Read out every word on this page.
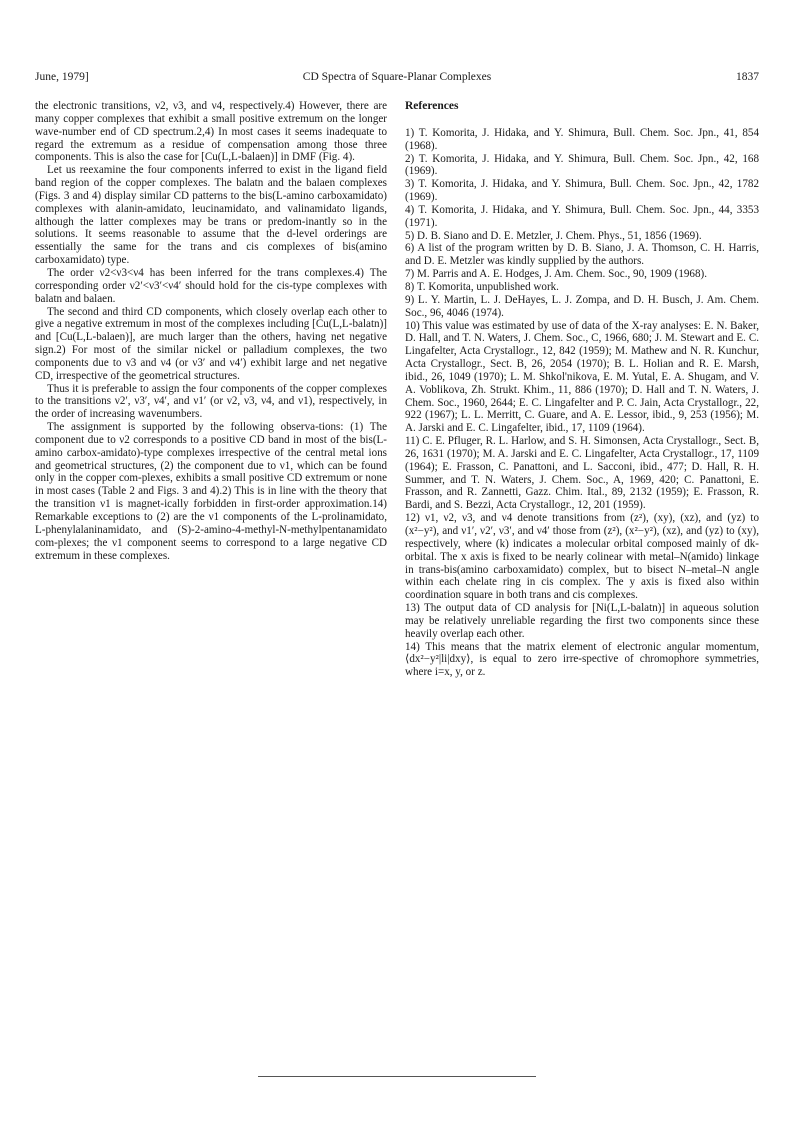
June, 1979]	CD Spectra of Square-Planar Complexes	1837

the electronic transitions, ν2, ν3, and ν4, respectively.4) However, there are many copper complexes that exhibit a small positive extremum on the longer wave-number end of CD spectrum.2,4) In most cases it seems inadequate to regard the extremum as a residue of compensation among those three components. This is also the case for [Cu(L,L-balaen)] in DMF (Fig. 4).

Let us reexamine the four components inferred to exist in the ligand field band region of the copper complexes. The balatn and the balaen complexes (Figs. 3 and 4) display similar CD patterns to the bis(L-amino carboxamidato) complexes with alanin-amidato, leucinamidato, and valinamidato ligands, although the latter complexes may be trans or predom-inantly so in the solutions. It seems reasonable to assume that the d-level orderings are essentially the same for the trans and cis complexes of bis(amino carboxamidato) type.

The order ν2<ν3<ν4 has been inferred for the trans complexes.4) The corresponding order ν2′<ν3′<ν4′ should hold for the cis-type complexes with balatn and balaen.

The second and third CD components, which closely overlap each other to give a negative extremum in most of the complexes including [Cu(L,L-balatn)] and [Cu(L,L-balaen)], are much larger than the others, having net negative sign.2) For most of the similar nickel or palladium complexes, the two components due to ν3 and ν4 (or ν3′ and ν4′) exhibit large and net negative CD, irrespective of the geometrical structures.

Thus it is preferable to assign the four components of the copper complexes to the transitions ν2′, ν3′, ν4′, and ν1′ (or ν2, ν3, ν4, and ν1), respectively, in the order of increasing wavenumbers.

The assignment is supported by the following observa-tions: (1) The component due to ν2 corresponds to a positive CD band in most of the bis(L-amino carbox-amidato)-type complexes irrespective of the central metal ions and geometrical structures, (2) the component due to ν1, which can be found only in the copper com-plexes, exhibits a small positive CD extremum or none in most cases (Table 2 and Figs. 3 and 4).2) This is in line with the theory that the transition ν1 is magnet-ically forbidden in first-order approximation.14) Remarkable exceptions to (2) are the ν1 components of the L-prolinamidato, L-phenylalaninamidato, and (S)-2-amino-4-methyl-N-methylpentanamidato com-plexes; the ν1 component seems to correspond to a large negative CD extremum in these complexes.

References

1) T. Komorita, J. Hidaka, and Y. Shimura, Bull. Chem. Soc. Jpn., 41, 854 (1968).

2) T. Komorita, J. Hidaka, and Y. Shimura, Bull. Chem. Soc. Jpn., 42, 168 (1969).

3) T. Komorita, J. Hidaka, and Y. Shimura, Bull. Chem. Soc. Jpn., 42, 1782 (1969).

4) T. Komorita, J. Hidaka, and Y. Shimura, Bull. Chem. Soc. Jpn., 44, 3353 (1971).

5) D. B. Siano and D. E. Metzler, J. Chem. Phys., 51, 1856 (1969).

6) A list of the program written by D. B. Siano, J. A. Thomson, C. H. Harris, and D. E. Metzler was kindly supplied by the authors.

7) M. Parris and A. E. Hodges, J. Am. Chem. Soc., 90, 1909 (1968).

8) T. Komorita, unpublished work.

9) L. Y. Martin, L. J. DeHayes, L. J. Zompa, and D. H. Busch, J. Am. Chem. Soc., 96, 4046 (1974).

10) This value was estimated by use of data of the X-ray analyses: E. N. Baker, D. Hall, and T. N. Waters, J. Chem. Soc., C, 1966, 680; J. M. Stewart and E. C. Lingafelter, Acta Crystallogr., 12, 842 (1959); M. Mathew and N. R. Kunchur, Acta Crystallogr., Sect. B, 26, 2054 (1970); B. L. Holian and R. E. Marsh, ibid., 26, 1049 (1970); L. M. Shkol'nikova, E. M. Yutal, E. A. Shugam, and V. A. Voblikova, Zh. Strukt. Khim., 11, 886 (1970); D. Hall and T. N. Waters, J. Chem. Soc., 1960, 2644; E. C. Lingafelter and P. C. Jain, Acta Crystallogr., 22, 922 (1967); L. L. Merritt, C. Guare, and A. E. Lessor, ibid., 9, 253 (1956); M. A. Jarski and E. C. Lingafelter, ibid., 17, 1109 (1964).

11) C. E. Pfluger, R. L. Harlow, and S. H. Simonsen, Acta Crystallogr., Sect. B, 26, 1631 (1970); M. A. Jarski and E. C. Lingafelter, Acta Crystallogr., 17, 1109 (1964); E. Frasson, C. Panattoni, and L. Sacconi, ibid., 477; D. Hall, R. H. Summer, and T. N. Waters, J. Chem. Soc., A, 1969, 420; C. Panattoni, E. Frasson, and R. Zannetti, Gazz. Chim. Ital., 89, 2132 (1959); E. Frasson, R. Bardi, and S. Bezzi, Acta Crystallogr., 12, 201 (1959).

12) ν1, ν2, ν3, and ν4 denote transitions from (z²), (xy), (xz), and (yz) to (x²−y²), and ν1′, ν2′, ν3′, and ν4′ those from (z²), (x²−y²), (xz), and (yz) to (xy), respectively, where (k) indicates a molecular orbital composed mainly of dk-orbital. The x axis is fixed to be nearly colinear with metal–N(amido) linkage in trans-bis(amino carboxamidato) complex, but to bisect N–metal–N angle within each chelate ring in cis complex. The y axis is fixed also within coordination square in both trans and cis complexes.

13) The output data of CD analysis for [Ni(L,L-balatn)] in aqueous solution may be relatively unreliable regarding the first two components since these heavily overlap each other.

14) This means that the matrix element of electronic angular momentum, ⟨dx²−y²|li|dxy⟩, is equal to zero irre-spective of chromophore symmetries, where i=x, y, or z.
